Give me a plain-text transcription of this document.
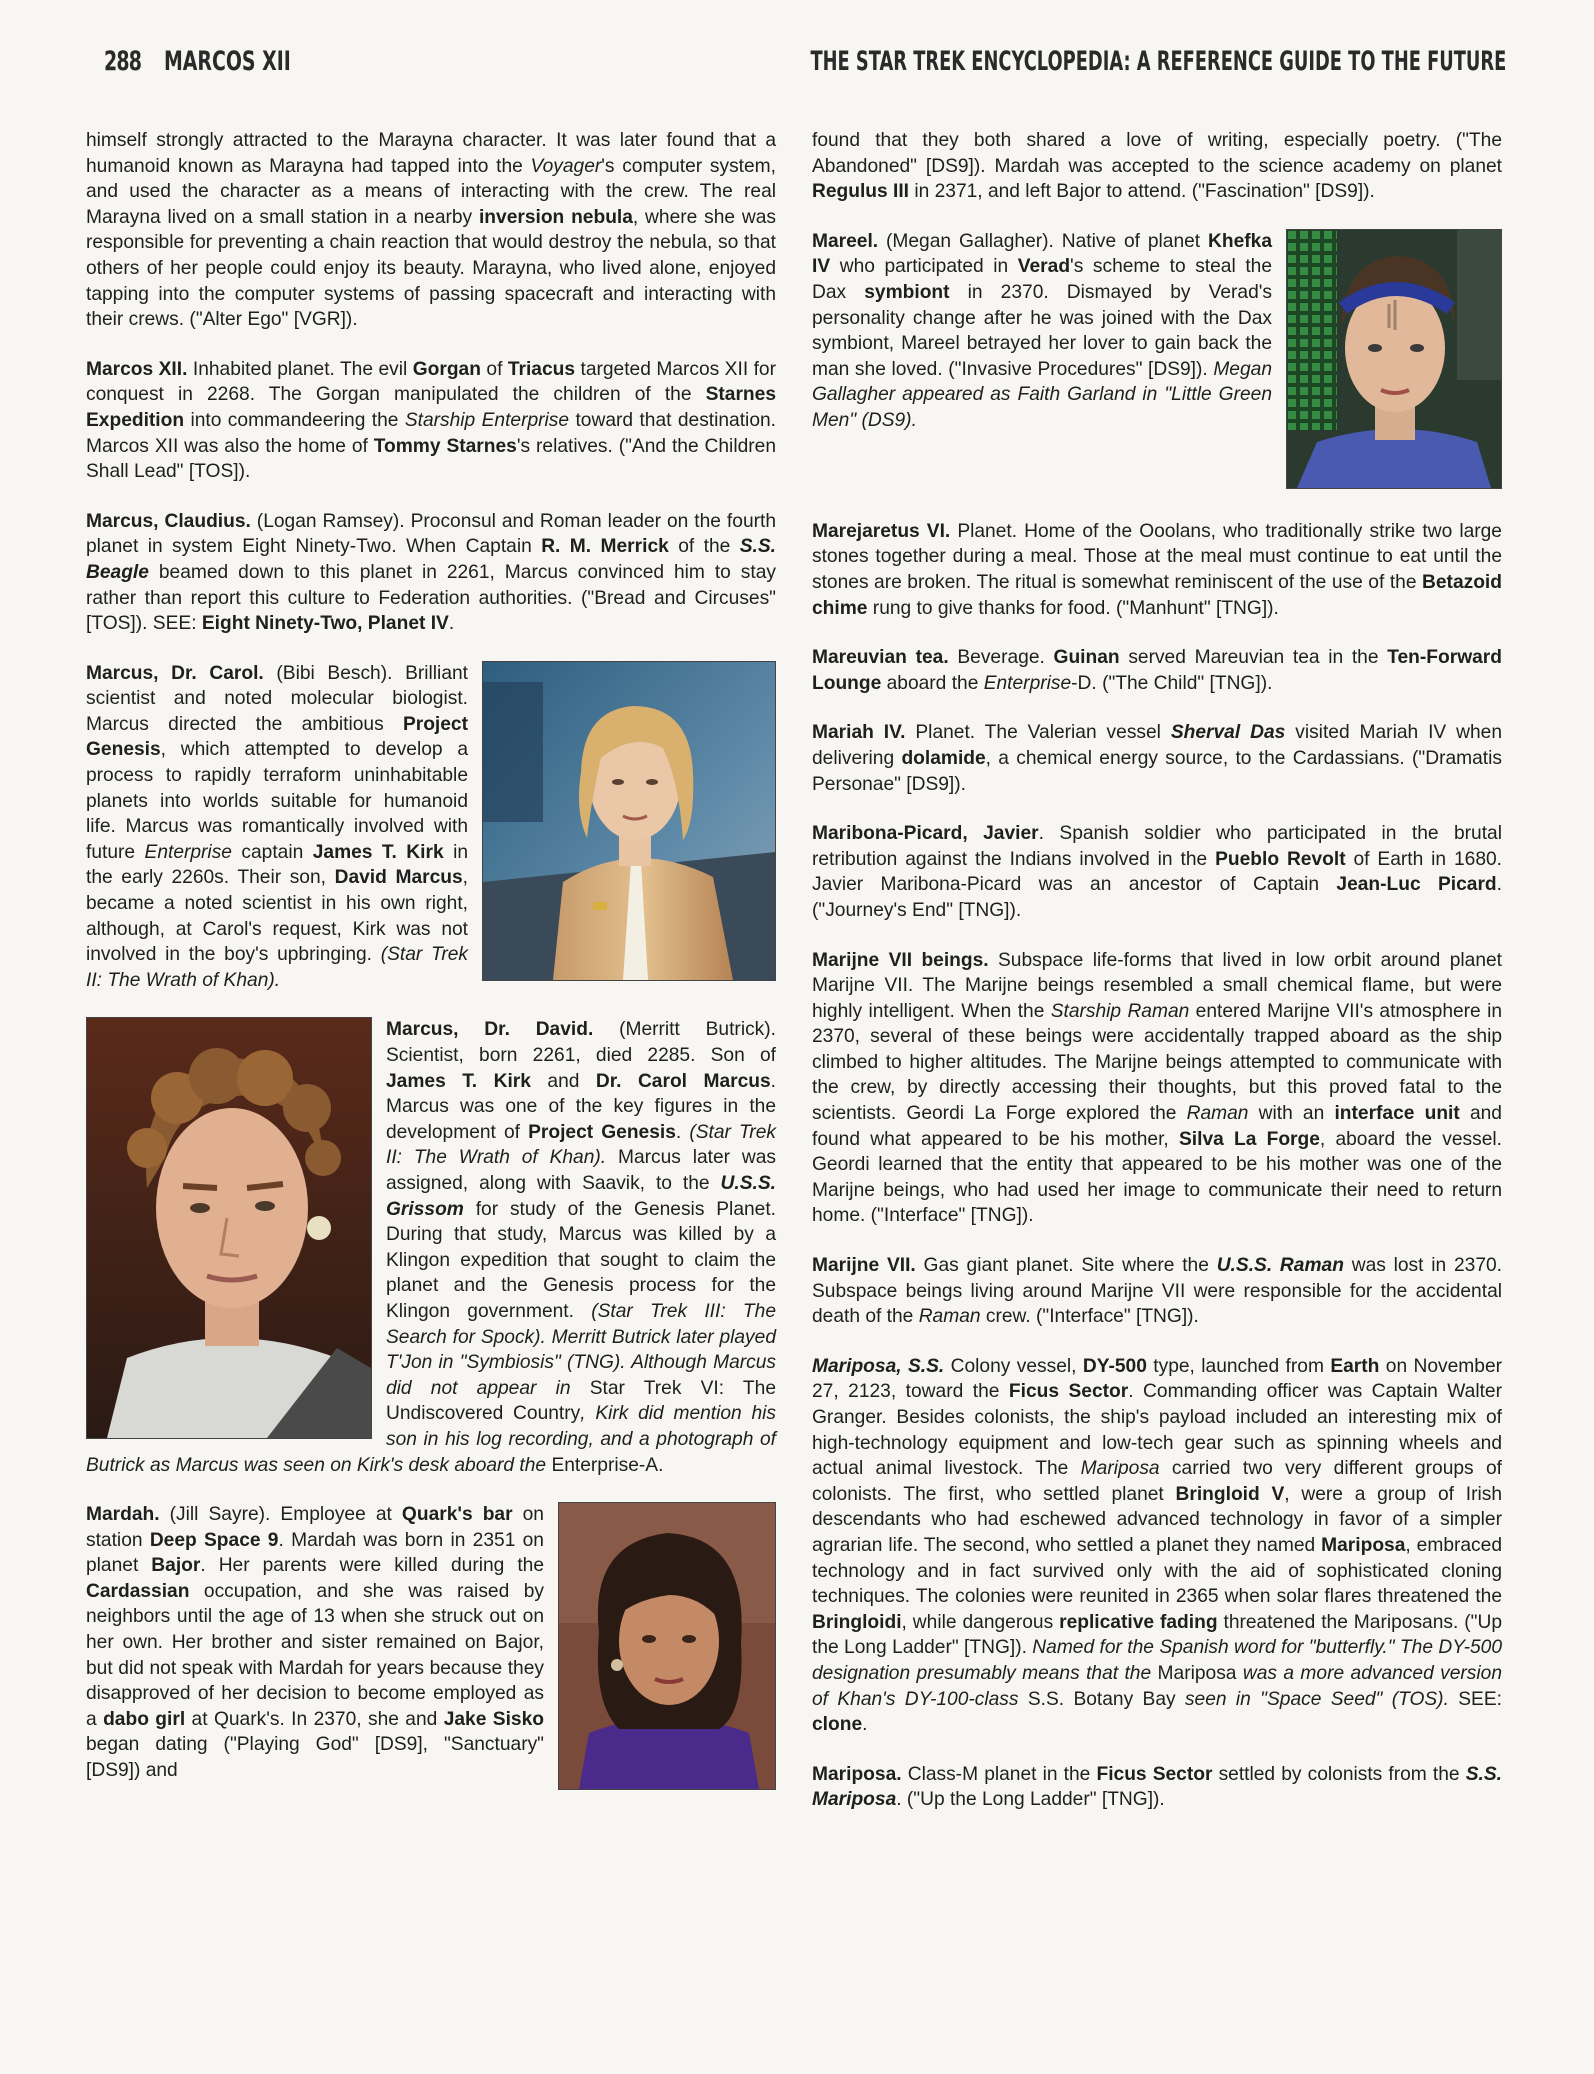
288 MARCOS XII	THE STAR TREK ENCYCLOPEDIA: A REFERENCE GUIDE TO THE FUTURE

himself strongly attracted to the Marayna character. It was later found that a humanoid known as Marayna had tapped into the Voyager's computer system, and used the character as a means of interacting with the crew. The real Marayna lived on a small station in a nearby inversion nebula, where she was responsible for preventing a chain reaction that would destroy the nebula, so that others of her people could enjoy its beauty. Marayna, who lived alone, enjoyed tapping into the computer systems of passing spacecraft and interacting with their crews. ("Alter Ego" [VGR]).

Marcos XII. Inhabited planet. The evil Gorgan of Triacus targeted Marcos XII for conquest in 2268. The Gorgan manipulated the children of the Starnes Expedition into commandeering the Starship Enterprise toward that destination. Marcos XII was also the home of Tommy Starnes's relatives. ("And the Children Shall Lead" [TOS]).

Marcus, Claudius. (Logan Ramsey). Proconsul and Roman leader on the fourth planet in system Eight Ninety-Two. When Captain R. M. Merrick of the S.S. Beagle beamed down to this planet in 2261, Marcus convinced him to stay rather than report this culture to Federation authorities. ("Bread and Circuses" [TOS]). SEE: Eight Ninety-Two, Planet IV.

Marcus, Dr. Carol. (Bibi Besch). Brilliant scientist and noted molecular biologist. Marcus directed the ambitious Project Genesis, which attempted to develop a process to rapidly terraform uninhabitable planets into worlds suitable for humanoid life. Marcus was romantically involved with future Enterprise captain James T. Kirk in the early 2260s. Their son, David Marcus, became a noted scientist in his own right, although, at Carol's request, Kirk was not involved in the boy's upbringing. (Star Trek II: The Wrath of Khan).

Marcus, Dr. David. (Merritt Butrick). Scientist, born 2261, died 2285. Son of James T. Kirk and Dr. Carol Marcus. Marcus was one of the key figures in the development of Project Genesis. (Star Trek II: The Wrath of Khan). Marcus later was assigned, along with Saavik, to the U.S.S. Grissom for study of the Genesis Planet. During that study, Marcus was killed by a Klingon expedition that sought to claim the planet and the Genesis process for the Klingon government. (Star Trek III: The Search for Spock). Merritt Butrick later played T'Jon in "Symbiosis" (TNG). Although Marcus did not appear in Star Trek VI: The Undiscovered Country, Kirk did mention his son in his log recording, and a photograph of Butrick as Marcus was seen on Kirk's desk aboard the Enterprise-A.

Mardah. (Jill Sayre). Employee at Quark's bar on station Deep Space 9. Mardah was born in 2351 on planet Bajor. Her parents were killed during the Cardassian occupation, and she was raised by neighbors until the age of 13 when she struck out on her own. Her brother and sister remained on Bajor, but did not speak with Mardah for years because they disapproved of her decision to become employed as a dabo girl at Quark's. In 2370, she and Jake Sisko began dating ("Playing God" [DS9], "Sanctuary" [DS9]) and

found that they both shared a love of writing, especially poetry. ("The Abandoned" [DS9]). Mardah was accepted to the science academy on planet Regulus III in 2371, and left Bajor to attend. ("Fascination" [DS9]).

Mareel. (Megan Gallagher). Native of planet Khefka IV who participated in Verad's scheme to steal the Dax symbiont in 2370. Dismayed by Verad's personality change after he was joined with the Dax symbiont, Mareel betrayed her lover to gain back the man she loved. ("Invasive Procedures" [DS9]). Megan Gallagher appeared as Faith Garland in "Little Green Men" (DS9).

Marejaretus VI. Planet. Home of the Ooolans, who traditionally strike two large stones together during a meal. Those at the meal must continue to eat until the stones are broken. The ritual is somewhat reminiscent of the use of the Betazoid chime rung to give thanks for food. ("Manhunt" [TNG]).

Mareuvian tea. Beverage. Guinan served Mareuvian tea in the Ten-Forward Lounge aboard the Enterprise-D. ("The Child" [TNG]).

Mariah IV. Planet. The Valerian vessel Sherval Das visited Mariah IV when delivering dolamide, a chemical energy source, to the Cardassians. ("Dramatis Personae" [DS9]).

Maribona-Picard, Javier. Spanish soldier who participated in the brutal retribution against the Indians involved in the Pueblo Revolt of Earth in 1680. Javier Maribona-Picard was an ancestor of Captain Jean-Luc Picard. ("Journey's End" [TNG]).

Marijne VII beings. Subspace life-forms that lived in low orbit around planet Marijne VII. The Marijne beings resembled a small chemical flame, but were highly intelligent. When the Starship Raman entered Marijne VII's atmosphere in 2370, several of these beings were accidentally trapped aboard as the ship climbed to higher altitudes. The Marijne beings attempted to communicate with the crew, by directly accessing their thoughts, but this proved fatal to the scientists. Geordi La Forge explored the Raman with an interface unit and found what appeared to be his mother, Silva La Forge, aboard the vessel. Geordi learned that the entity that appeared to be his mother was one of the Marijne beings, who had used her image to communicate their need to return home. ("Interface" [TNG]).

Marijne VII. Gas giant planet. Site where the U.S.S. Raman was lost in 2370. Subspace beings living around Marijne VII were responsible for the accidental death of the Raman crew. ("Interface" [TNG]).

Mariposa, S.S. Colony vessel, DY-500 type, launched from Earth on November 27, 2123, toward the Ficus Sector. Commanding officer was Captain Walter Granger. Besides colonists, the ship's payload included an interesting mix of high-technology equipment and low-tech gear such as spinning wheels and actual animal livestock. The Mariposa carried two very different groups of colonists. The first, who settled planet Bringloid V, were a group of Irish descendants who had eschewed advanced technology in favor of a simpler agrarian life. The second, who settled a planet they named Mariposa, embraced technology and in fact survived only with the aid of sophisticated cloning techniques. The colonies were reunited in 2365 when solar flares threatened the Bringloidi, while dangerous replicative fading threatened the Mariposans. ("Up the Long Ladder" [TNG]). Named for the Spanish word for "butterfly." The DY-500 designation presumably means that the Mariposa was a more advanced version of Khan's DY-100-class S.S. Botany Bay seen in "Space Seed" (TOS). SEE: clone.

Mariposa. Class-M planet in the Ficus Sector settled by colonists from the S.S. Mariposa. ("Up the Long Ladder" [TNG]).
